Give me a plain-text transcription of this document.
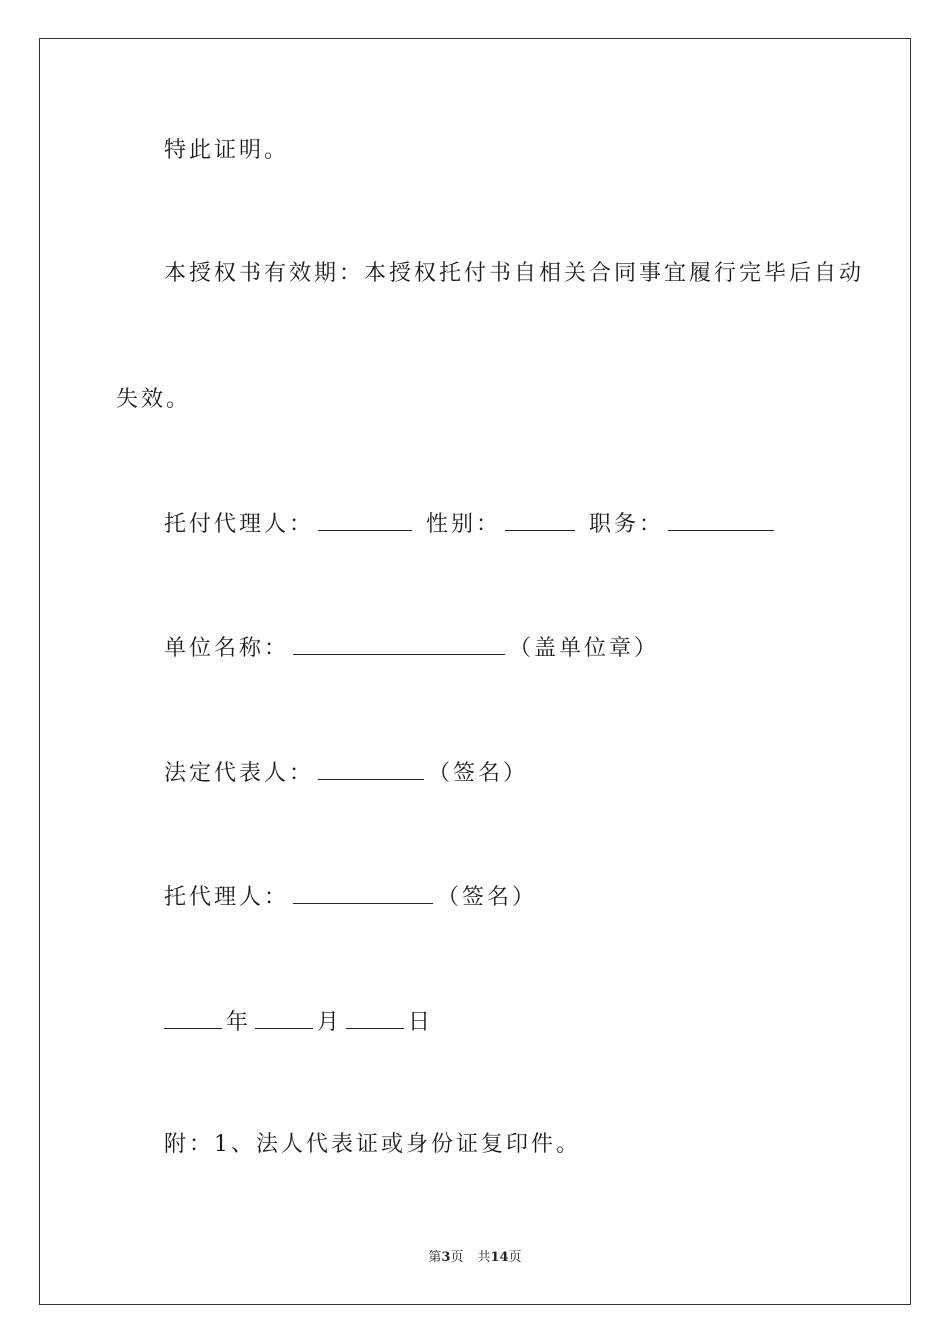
特此证明。
本授权书有效期：本授权托付书自相关合同事宜履行完毕后自动
失效。
托付代理人：	性别：	职务：
单位名称：	（盖单位章）
法定代表人：	（签名）
托代理人：	（签名）
年	月	日
附：1、法人代表证或身份证复印件。
第3页 共14页
